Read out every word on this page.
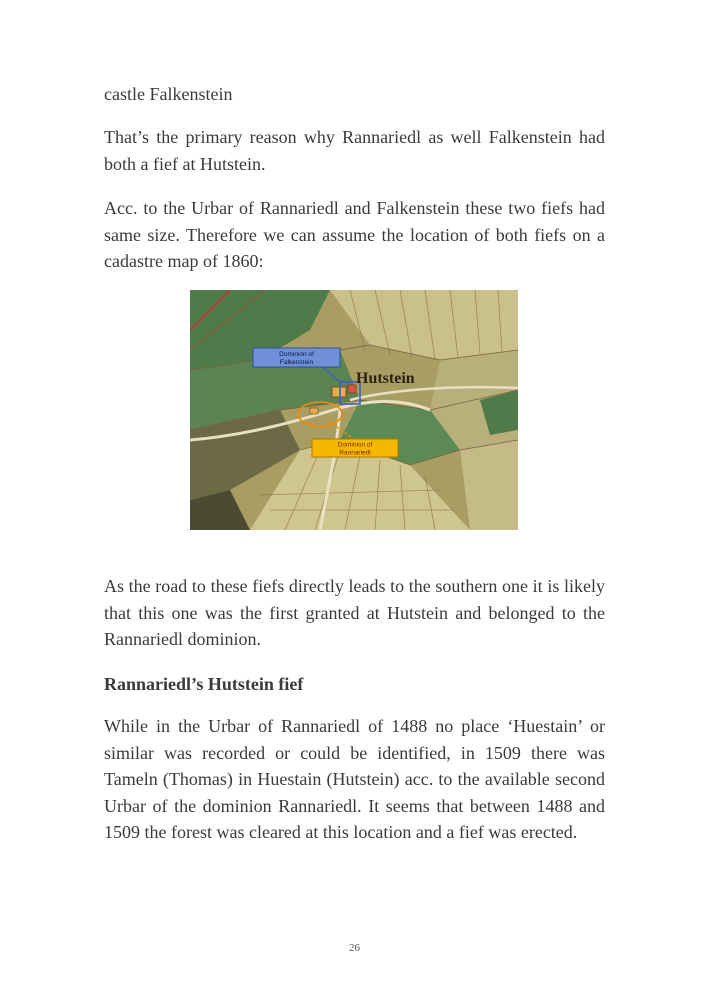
castle Falkenstein

That’s the primary reason why Rannariedl as well Falkenstein had both a fief at Hutstein.

Acc. to the Urbar of Rannariedl and Falkenstein these two fiefs had same size. Therefore we can assume the location of both fiefs on a cadastre map of 1860:

Dominion of
Falkenstein
Hutstein
Dominion of
Rannariedl

As the road to these fiefs directly leads to the southern one it is likely that this one was the first granted at Hutstein and belonged to the Rannariedl dominion.

Rannariedl’s Hutstein fief

While in the Urbar of Rannariedl of 1488 no place ‘Huestain’ or similar was recorded or could be identified, in 1509 there was Tameln (Thomas) in Huestain (Hutstein) acc. to the available second Urbar of the dominion Rannariedl. It seems that between 1488 and 1509 the forest was cleared at this location and a fief was erected.

26
